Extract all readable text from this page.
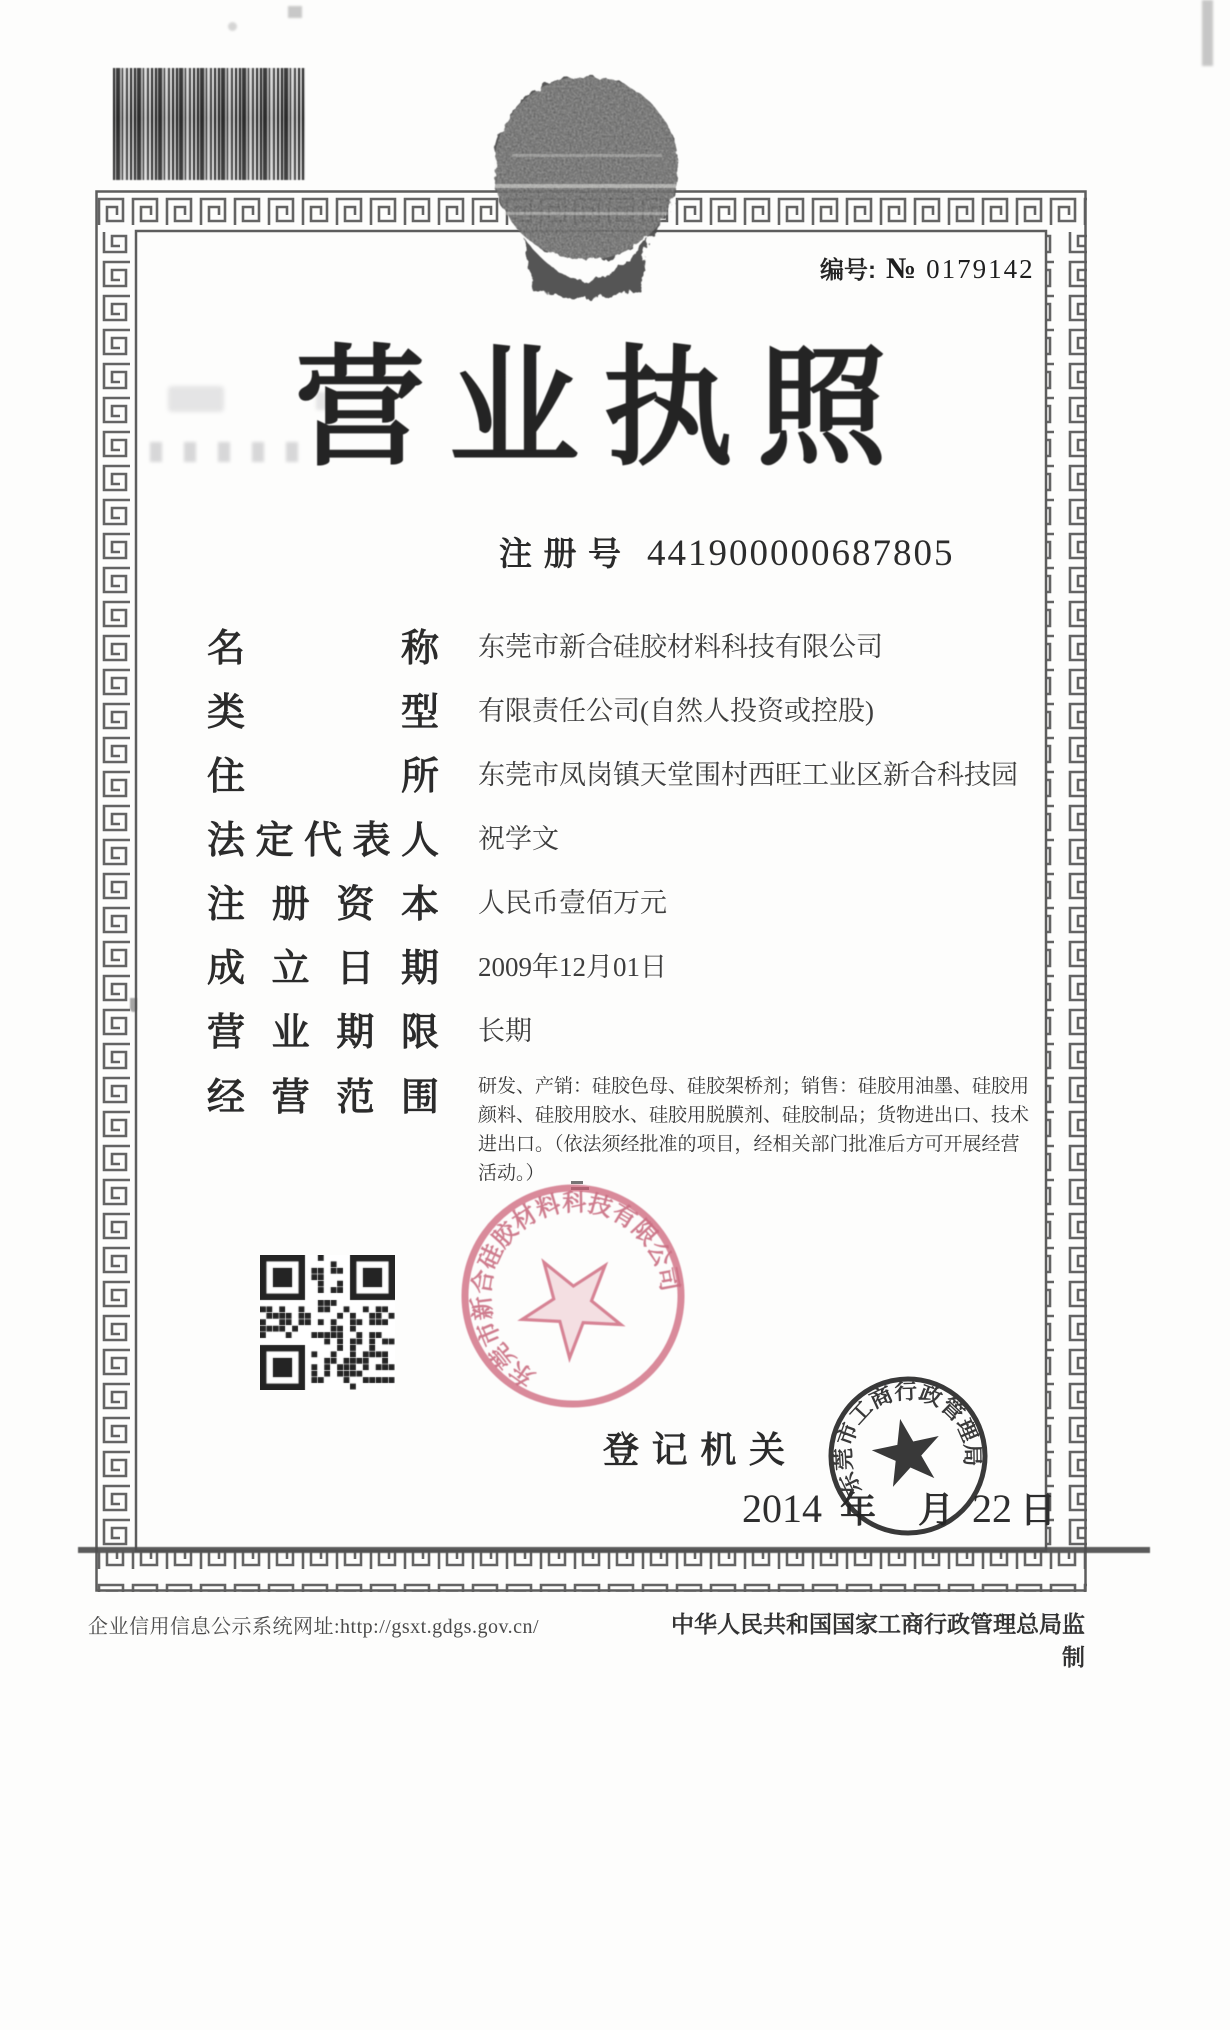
编号: № 0179142
营业执照
注 册 号 441900000687805
名	称 东莞市新合硅胶材料科技有限公司
类	型 有限责任公司(自然人投资或控股)
住	所 东莞市凤岗镇天堂围村西旺工业区新合科技园
法 定 代 表 人 祝学文
注 册 资 本 人民币壹佰万元
成 立 日 期 2009年12月01日
营 业 期 限 长期
经 营 范 围 研发、产销：硅胶色母、硅胶架桥剂；销售：硅胶用油墨、硅胶用
颜料、硅胶用胶水、硅胶用脱膜剂、硅胶制品；货物进出口、技术
进出口。（依法须经批准的项目，经相关部门批准后方可开展经营
活动。）
东莞市新合硅胶材料科技有限公司
登 记 机 关
2014 年 月 22 日
东莞市工商行政管理局
企业信用信息公示系统网址:http://gsxt.gdgs.gov.cn/	中华人民共和国国家工商行政管理总局监制
